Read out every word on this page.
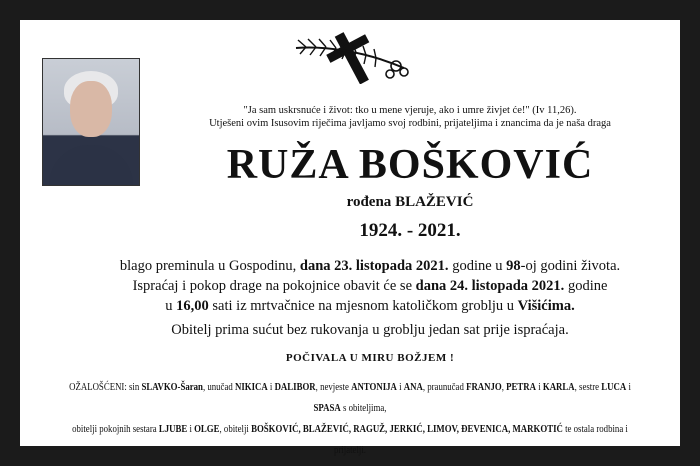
"Ja sam uskrsnuće i život: tko u mene vjeruje, ako i umre živjet će!" (Iv 11,26).
Utješeni ovim Isusovim riječima javljamo svoj rodbini, prijateljima i znancima da je naša draga
RUŽA BOŠKOVIĆ
rođena BLAŽEVIĆ
1924. - 2021.
blago preminula u Gospodinu, dana 23. listopada 2021. godine u 98-oj godini života.
Ispraćaj i pokop drage na pokojnice obavit će se dana 24. listopada 2021. godine
u 16,00 sati iz mrtvačnice na mjesnom katoličkom groblju u Višićima.
Obitelj prima sućut bez rukovanja u groblju jedan sat prije ispraćaja.
POČIVALA U MIRU BOŽJEM !
OŽALOŠĆENI: sin SLAVKO-Šaran, unučad NIKICA i DALIBOR, nevjeste ANTONIJA i ANA, praunučad FRANJO, PETRA i KARLA, sestre LUCA i SPASA s obiteljima,
obitelji pokojnih sestara LJUBE i OLGE, obitelji BOŠKOVIĆ, BLAŽEVIĆ, RAGUŽ, JERKIĆ, LIMOV, ĐEVENICA, MARKOTIĆ te ostala rodbina i prijatelji.
